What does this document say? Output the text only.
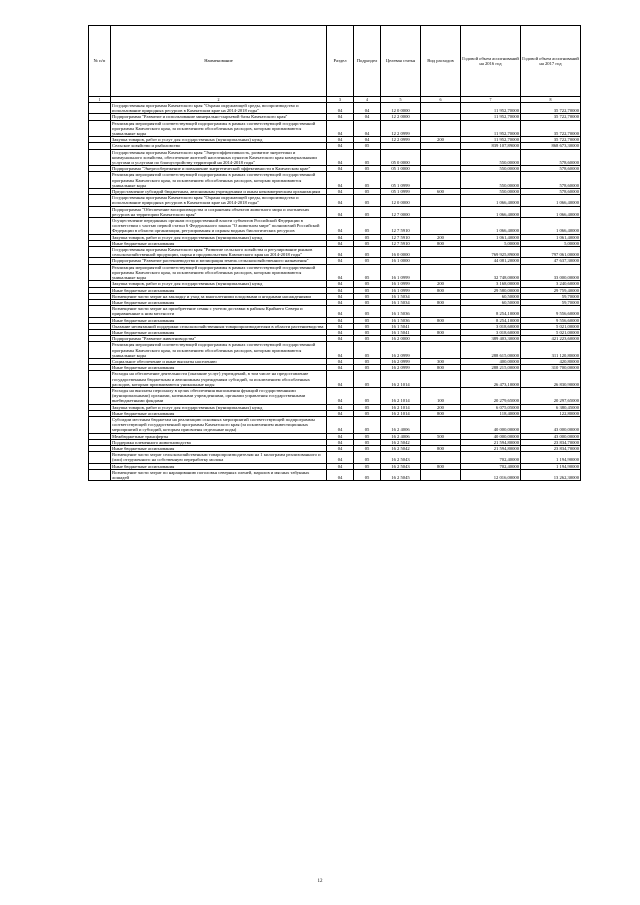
№ п/п	Наименование	Раздел	Подраздел	Целевая статья	Вид расходов	Годовой объем ассигнований на 2016 год	Годовой объем ассигнований на 2017 год
1	2	3	4	5	6	7	8
	Государственная программа Камчатского края "Охрана окружающей среды, воспроизводство и использование природных ресурсов в Камчатском крае на 2014-2018 годы"	04	04	12 0 0000		11 952,70000	35 722,70000
	Подпрограмма "Развитие и использование минерально-сырьевой базы Камчатского края"	04	04	12 2 0000		11 952,70000	35 722,70000
	Реализация мероприятий соответствующей подпрограммы в рамках соответствующей государственной программы Камчатского края, за исключением обособленных расходов, которым присваиваются уникальные коды	04	04	12 2 0999		11 952,70000	35 722,70000
	Закупка товаров, работ и услуг для государственных (муниципальных) нужд	04	04	12 2 0999	200	11 952,70000	35 722,70000
	Сельское хозяйство и рыболовство	04	05			839 107,89000	868 673,30000
	Государственная программа Камчатского края "Энергоэффективность, развитие энергетики и коммунального хозяйства, обеспечение жителей населенных пунктов Камчатского края коммунальными услугами и услугами по благоустройству территорий на 2014-2018 годы"	04	05	05 0 0000		550,00000	578,60000
	Подпрограмма "Энергосбережение и повышение энергетической эффективности в Камчатском крае"	04	05	05 1 0000		550,00000	578,60000
	Реализация мероприятий соответствующей подпрограммы в рамках соответствующей государственной программы Камчатского края, за исключением обособленных расходов, которым присваиваются уникальные коды	04	05	05 1 0999		550,00000	578,60000
	Предоставление субсидий бюджетным, автономным учреждениям и иным некоммерческим организациям	04	05	05 1 0999	600	550,00000	578,60000
	Государственная программа Камчатского края "Охрана окружающей среды, воспроизводство и использование природных ресурсов в Камчатском крае на 2014-2018 годы"	04	05	12 0 0000		1 066,40000	1 066,40000
	Подпрограмма "Обеспечение воспроизводства и сохранения объектов животного мира и охотничьих ресурсов на территории Камчатского края"	04	05	12 7 0000		1 066,40000	1 066,40000
	Осуществление переданных органам государственной власти субъектов Российской Федерации в соответствии с частью первой статьи 6 Федерального закона "О животном мире" полномочий Российской Федерации в области организации, регулирования и охраны водных биологических ресурсов	04	05	12 7 5910		1 066,40000	1 066,40000
	Закупка товаров, работ и услуг для государственных (муниципальных) нужд	04	05	12 7 5910	200	1 061,40000	1 061,40000
	Иные бюджетные ассигнования	04	05	12 7 5910	800	5,00000	5,00000
	Государственная программа Камчатского края "Развитие сельского хозяйства и регулирование рынков сельскохозяйственной продукции, сырья и продовольствия Камчатского края на 2014-2018 годы"	04	05	16 0 0000		769 925,89000	797 061,00000
	Подпрограмма "Развитие растениеводства и мелиорация земель сельскохозяйственного назначения"	04	05	16 1 0000		44 081,20000	47 637,30000
	Реализация мероприятий соответствующей подпрограммы в рамках соответствующей государственной программы Камчатского края, за исключением обособленных расходов, которым присваиваются уникальные коды	04	05	16 1 0999		32 748,00000	33 000,00000
	Закупка товаров, работ и услуг для государственных (муниципальных) нужд	04	05	16 1 0999	200	3 168,00000	3 240,60000
	Иные бюджетные ассигнования	04	05	16 1 0999	800	29 580,00000	29 759,40000
	Возмещение части затрат на закладку и уход за многолетними плодовыми и ягодными насаждениями	04	05	16 1 5034		60,50000	59,70000
	Иные бюджетные ассигнования	04	05	16 1 5034	800	60,50000	59,70000
	Возмещение части затрат на приобретение семян с учетом доставки в районы Крайнего Севера и приравненные к ним местности	04	05	16 1 5036		8 254,10000	9 556,60000
	Иные бюджетные ассигнования	04	05	16 1 5036	800	8 254,10000	9 556,60000
	Оказание несвязанной поддержки сельскохозяйственным товаропроизводителям в области растениеводства	04	05	16 1 5041		3 018,60000	5 021,00000
	Иные бюджетные ассигнования	04	05	16 1 5041	800	3 018,60000	5 021,00000
	Подпрограмма "Развитие животноводства"	04	05	16 2 0000		389 403,30000	421 223,60000
	Реализация мероприятий соответствующей подпрограммы в рамках соответствующей государственной программы Камчатского края, за исключением обособленных расходов, которым присваиваются уникальные коды	04	05	16 2 0999		288 615,00000	311 120,80000
	Социальное обеспечение и иные выплаты населению	04	05	16 2 0999	300	400,00000	420,80000
	Иные бюджетные ассигнования	04	05	16 2 0999	800	288 215,00000	310 700,00000
	Расходы на обеспечение деятельности (оказание услуг) учреждений, в том числе на предоставление государственным бюджетным и автономным учреждениям субсидий, за исключением обособленных расходов, которым присваиваются уникальные коды	04	05	16 2 1014		26 473,10000	26 830,90000
	Расходы на выплаты персоналу в целях обеспечения выполнения функций государственными (муниципальными) органами, казенными учреждениями, органами управления государственными внебюджетными фондами	04	05	16 2 1014	100	20 279,65000	20 297,65000
	Закупка товаров, работ и услуг для государственных (муниципальных) нужд	04	05	16 2 1014	200	6 075,05000	6 380,45000
	Иные бюджетные ассигнования	04	05	16 2 1014	800	118,40000	122,80000
	Субсидии местным бюджетам на реализацию основных мероприятий соответствующей подпрограммы соответствующей государственной программы Камчатского края (за исключением инвестиционных мероприятий и субсидий, которым присвоены отдельные коды)	04	05	16 2 4006		40 000,00000	43 000,00000
	Межбюджетные трансферты	04	05	16 2 4006	500	40 000,00000	43 000,00000
	Поддержка племенного животноводства	04	05	16 2 5042		21 594,80000	23 834,70000
	Иные бюджетные ассигнования	04	05	16 2 5042	800	21 594,80000	23 834,70000
	Возмещение части затрат сельскохозяйственным товаропроизводителям на 1 килограмм реализованного и (или) отгруженного на собственную переработку молока	04	05	16 2 5043		702,40000	1 194,90000
	Иные бюджетные ассигнования	04	05	16 2 5043	800	702,40000	1 194,90000
	Возмещение части затрат по наращиванию поголовья северных оленей, маралов и мясных табунных лошадей	04	05	16 2 5045		12 016,00000	13 262,30000
12
